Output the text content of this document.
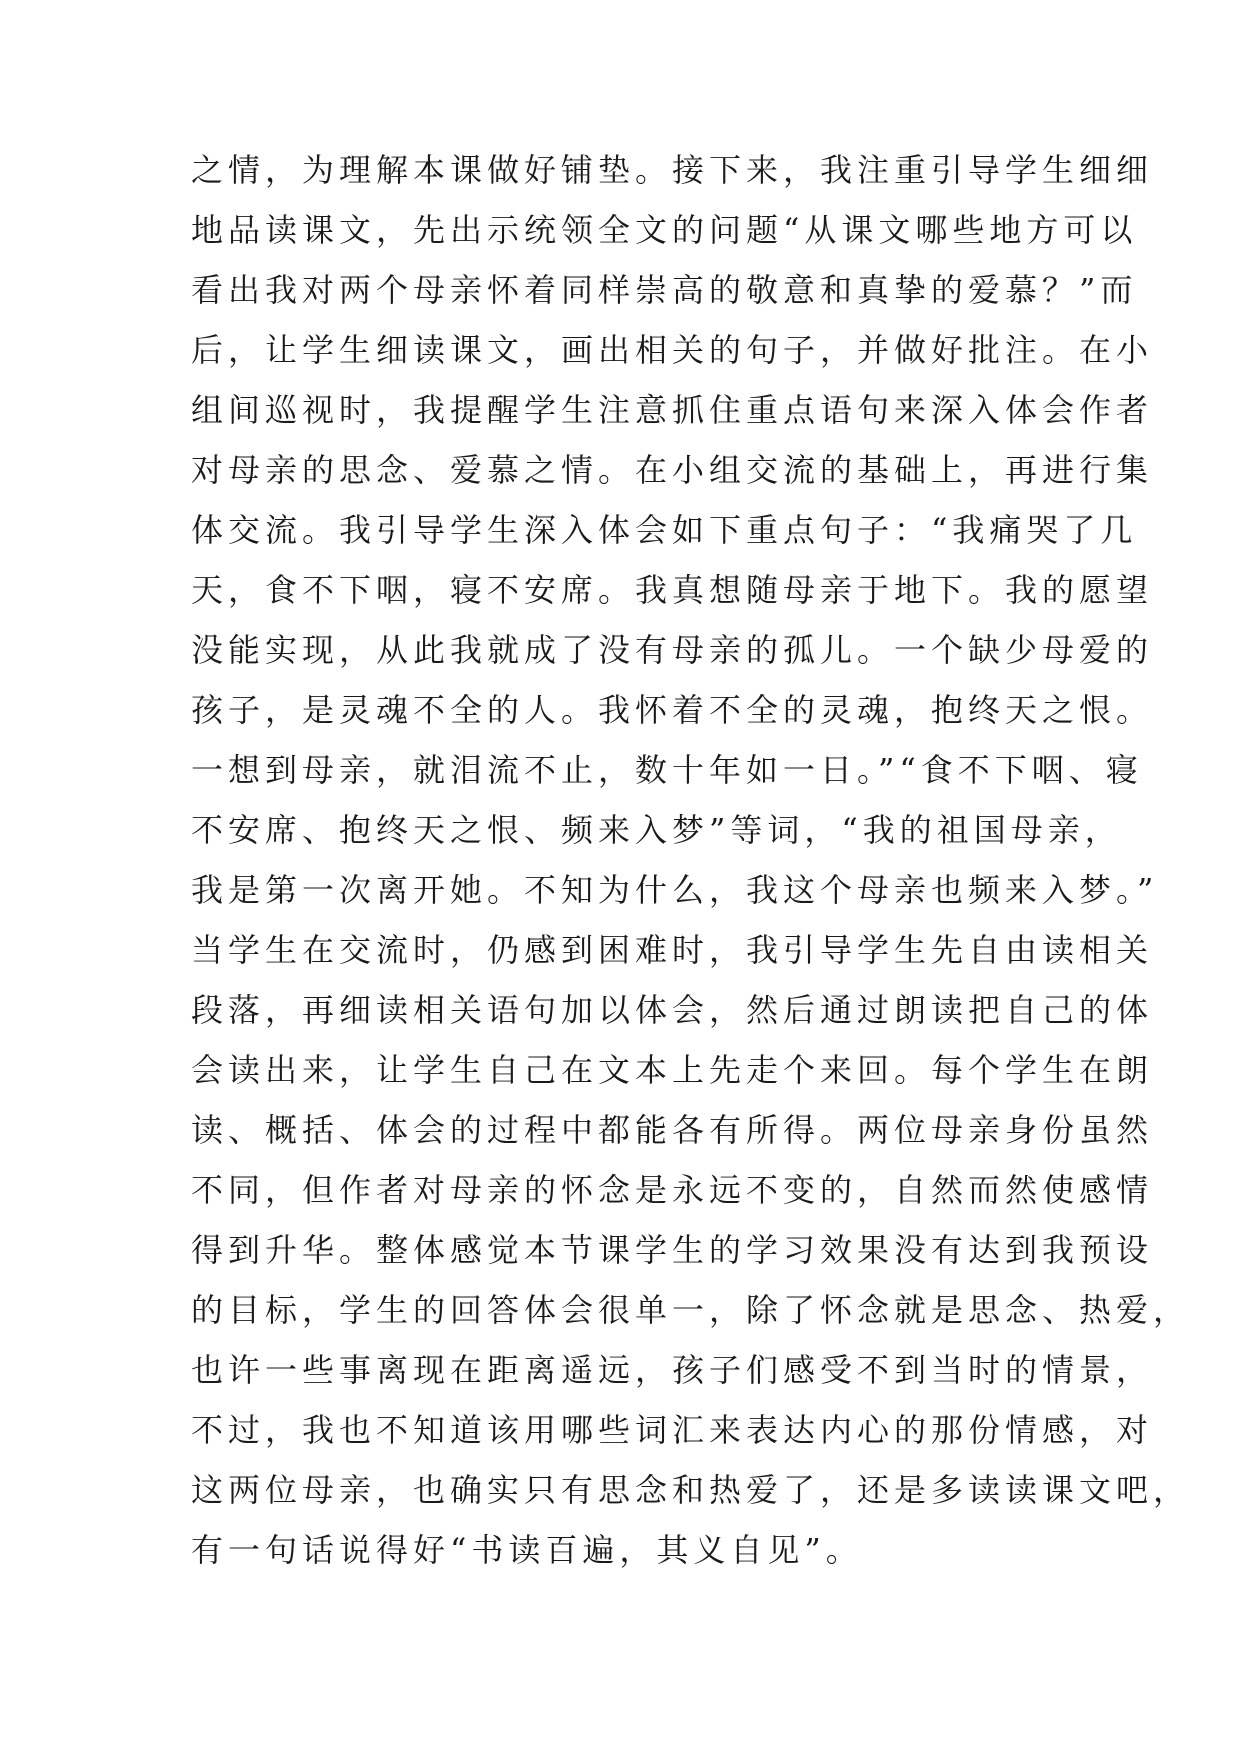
之情，为理解本课做好铺垫。接下来，我注重引导学生细细
地品读课文，先出示统领全文的问题“从课文哪些地方可以
看出我对两个母亲怀着同样崇高的敬意和真挚的爱慕？”而
后，让学生细读课文，画出相关的句子，并做好批注。在小
组间巡视时，我提醒学生注意抓住重点语句来深入体会作者
对母亲的思念、爱慕之情。在小组交流的基础上，再进行集
体交流。我引导学生深入体会如下重点句子：“我痛哭了几
天，食不下咽，寝不安席。我真想随母亲于地下。我的愿望
没能实现，从此我就成了没有母亲的孤儿。一个缺少母爱的
孩子，是灵魂不全的人。我怀着不全的灵魂，抱终天之恨。
一想到母亲，就泪流不止，数十年如一日。”“食不下咽、寝
不安席、抱终天之恨、频来入梦”等词，“我的祖国母亲，
我是第一次离开她。不知为什么，我这个母亲也频来入梦。”
当学生在交流时，仍感到困难时，我引导学生先自由读相关
段落，再细读相关语句加以体会，然后通过朗读把自己的体
会读出来，让学生自己在文本上先走个来回。每个学生在朗
读、概括、体会的过程中都能各有所得。两位母亲身份虽然
不同，但作者对母亲的怀念是永远不变的，自然而然使感情
得到升华。整体感觉本节课学生的学习效果没有达到我预设
的目标，学生的回答体会很单一，除了怀念就是思念、热爱，
也许一些事离现在距离遥远，孩子们感受不到当时的情景，
不过，我也不知道该用哪些词汇来表达内心的那份情感，对
这两位母亲，也确实只有思念和热爱了，还是多读读课文吧，
有一句话说得好“书读百遍，其义自见”。
